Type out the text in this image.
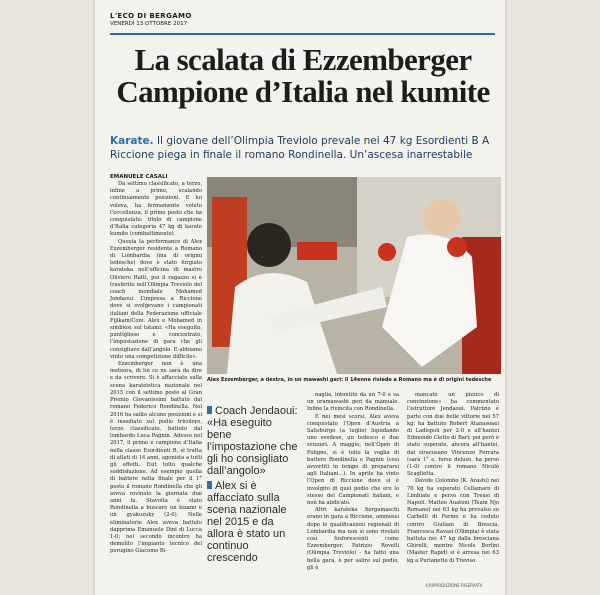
L'ECO DI BERGAMO
VENERDÌ 13 OTTOBRE 2017
La scalata di Ezzemberger
Campione d’Italia nel kumite
Karate. Il giovane dell’Olimpia Treviolo prevale nei 47 kg Esordienti B A Riccione piega in finale il romano Rondinella. Un’ascesa inarrestabile
EMANUELE CASALI

Da settimo classificato, a terzo, infine a primo, scalando continuamente posizioni. E lui voleva, ha fermamente voluto l’eccellenza, il primo posto che ha conquistato: titolo di campione d’Italia categoria 47 kg di karate kumite (combattimento).

Questa la performance di Alex Ezzemberger residente a Romano di Lombardia (ma di origini tedesche) dove è stato forgiato karateka nell’officina di mastro Oliviero Ratti, poi il ragazzo si è trasferito nell’Olimpia Treviolo del coach mondiale Mohamed Jendaoui. L’impresa a Riccione dove si svolgevano i campionati italiani della Federazione ufficiale Fijlkam/Coni. Alex e Mohamed in simbiosi sul tatami: «Ha eseguito, puntiglioso e concentrato, l’impostazione di gara che gli consigliavo dall’angolo. E abbiamo vinto una competizione difficile».

Ezzemberger non è una meteora, di lui ce ne sarà da dire e da scrivere. Si è affacciato sulla scena karateistica nazionale nel 2015 con il settimo posto al Gran Premio Giovanissimi battuto dal romano Federico Rondinella. Nel 2016 ha salito alcune posizioni e si è insediato sul podio tricolore, terzo classificato, battuto dal lombardo Luca Pagnin. Adesso nel 2017, il primo e campione d’Italia nella classe Esordienti B, si tratta di atleti di 14 anni, agonista a tutti gli effetti. Esit tolto qualche soddisfazione. Ad esempio quella di battere nella finale per il 1° posto il romano Rondinella che gli aveva rovinato la giornata due anni fa. Stavolta è stato Rondinella a buscare un kizami e un gyakuzuky (2-0). Nelle eliminatorie Alex aveva battuto dapprima Emanuele Dini di Lucca 1-0; nel secondo incontro ha demolito l’impianto tecnico del perugino Giacomo Bi-

Alex Ezzemberger, a destra, in un mawashi geri: il 14enne risiede a Romano ma è di origini tedesche
Coach Jendaoui: «Ha eseguito bene l’impostazione che gli ho consigliato dall’angolo»
Alex si è affacciato sulla scena nazionale nel 2015 e da allora è stato un continuo crescendo

naglia, intontito da un 7-0 e sa un uramawashi geri da manuale. Infine la rivincita con Rondinella.

E nei mesi scorsi, Alex aveva conquistato l’Open d’Austria a Salisburgo (a luglio) liquidando uno svedese, un tedesco e due svizzeri. A maggio, nell’Open di Foligno, si è tolto la voglia di battere Rondinella e Pagnin (così avvertiti in tempo di prepararsi agli Italiani...). In aprile ha vinto l’Open di Riccione dove si è involgito di quel podio che ero lo stesso dei Campionati italiani, e non ha abdicato.

Altri karateka bergamaschi erano in gara a Riccione, ammessi dopo le qualificazioni regionali di Lombardia ma non si sono rivelati così fosforescenti come Ezzemberger. Patrizio Rovelli (Olimpia Treviolo) - ha fatto una bella gara, è per salire sul podio, gli è

mancato un pizzico di convinzione» ha commentato l’istruttore Jendaoui. Patrizio è parte con due belle vittorie nei 57 kg: ha battuto Robert Atanasoaei di Ladispoli per 2-0 e all’hantei Edmondo Cletto di Bari; poi però è stato superato, ancora all’hantei, dal siracusano Vincenzo Ferrara (sarà 1° e, forse deluso, ha perso (1-0) contro il romano Nicolò Scaglietta.

Davide Colombo (K. Arashi) nei 70 kg ha superato Cellamaro di Limbiate e perso con Treasi di Napoli. Matteo Auatoni (Team Njo Romano) nei 63 kg ha prevalso su Carbelli di Fermo e ha ceduto contro Giuliani di Brescia. Francesca Ravasi (Olimpia) è stata battuta nei 47 kg dalla bresciana Ghirelli, mentre Nicole Borlini (Master Rapid) si è arresa nei 63 kg a Purlanetto di Treviso.

©RIPRODUZIONE RISERVATA
